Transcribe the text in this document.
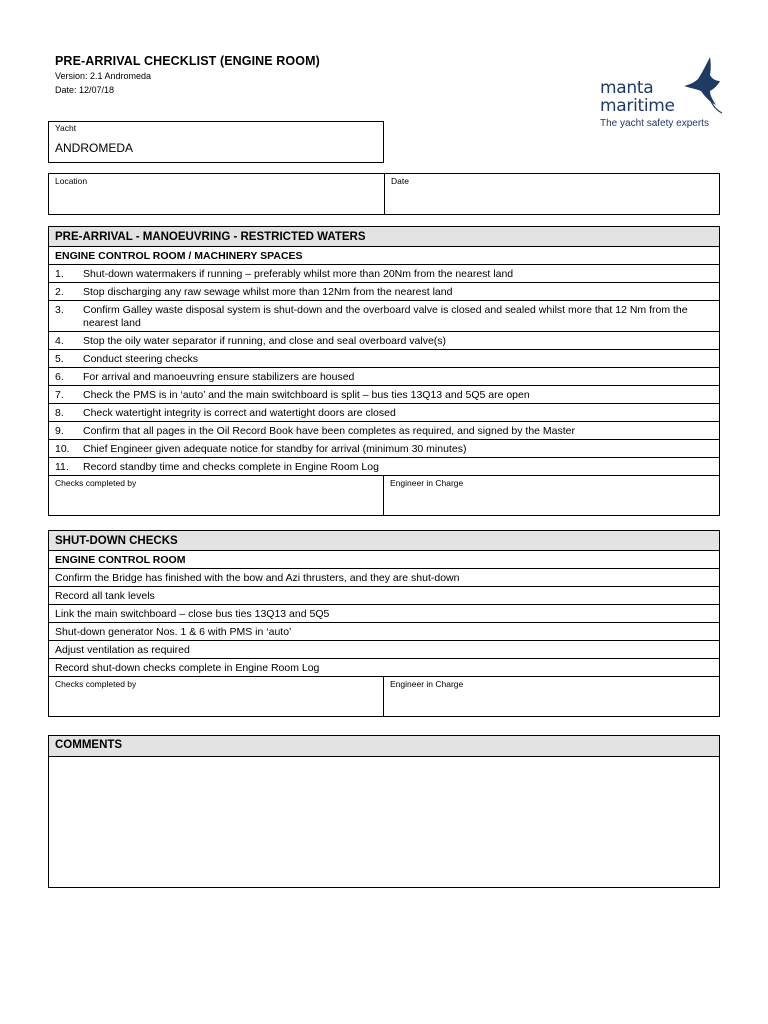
PRE-ARRIVAL CHECKLIST (ENGINE ROOM)
Version: 2.1 Andromeda
Date: 12/07/18	manta
maritime
The yacht safety experts
Yacht
ANDROMEDA
Location	Date
PRE-ARRIVAL - MANOEUVRING - RESTRICTED WATERS
ENGINE CONTROL ROOM / MACHINERY SPACES
1. Shut-down watermakers if running – preferably whilst more than 20Nm from the nearest land
2. Stop discharging any raw sewage whilst more than 12Nm from the nearest land
3. Confirm Galley waste disposal system is shut-down and the overboard valve is closed and sealed whilst more that 12 Nm from the nearest land
4. Stop the oily water separator if running, and close and seal overboard valve(s)
5. Conduct steering checks
6. For arrival and manoeuvring ensure stabilizers are housed
7. Check the PMS is in ‘auto’ and the main switchboard is split – bus ties 13Q13 and 5Q5 are open
8. Check watertight integrity is correct and watertight doors are closed
9. Confirm that all pages in the Oil Record Book have been completes as required, and signed by the Master
10. Chief Engineer given adequate notice for standby for arrival (minimum 30 minutes)
11. Record standby time and checks complete in Engine Room Log

Checks completed by	Engineer in Charge
SHUT-DOWN CHECKS
ENGINE CONTROL ROOM
Confirm the Bridge has finished with the bow and Azi thrusters, and they are shut-down
Record all tank levels
Link the main switchboard – close bus ties 13Q13 and 5Q5
Shut-down generator Nos. 1 & 6 with PMS in ‘auto’
Adjust ventilation as required
Record shut-down checks complete in Engine Room Log

Checks completed by	Engineer in Charge
COMMENTS
